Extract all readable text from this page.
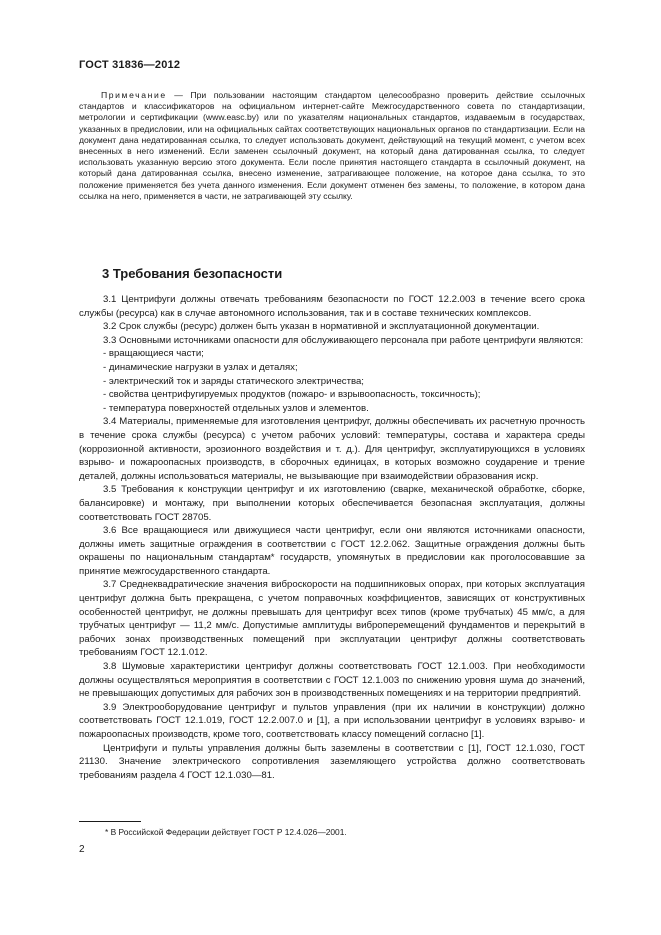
ГОСТ 31836—2012

Примечание — При пользовании настоящим стандартом целесообразно проверить действие ссылочных стандартов и классификаторов на официальном интернет-сайте Межгосударственного совета по стандартизации, метрологии и сертификации (www.easc.by) или по указателям национальных стандартов, издаваемым в государствах, указанных в предисловии, или на официальных сайтах соответствующих национальных органов по стандартизации. Если на документ дана недатированная ссылка, то следует использовать документ, действующий на текущий момент, с учетом всех внесенных в него изменений. Если заменен ссылочный документ, на который дана датированная ссылка, то следует использовать указанную версию этого документа. Если после принятия настоящего стандарта в ссылочный документ, на который дана датированная ссылка, внесено изменение, затрагивающее положение, на которое дана ссылка, то это положение применяется без учета данного изменения. Если документ отменен без замены, то положение, в котором дана ссылка на него, применяется в части, не затрагивающей эту ссылку.

3 Требования безопасности

3.1 Центрифуги должны отвечать требованиям безопасности по ГОСТ 12.2.003 в течение всего срока службы (ресурса) как в случае автономного использования, так и в составе технических комплексов.

3.2 Срок службы (ресурс) должен быть указан в нормативной и эксплуатационной документации.

3.3 Основными источниками опасности для обслуживающего персонала при работе центрифуги являются:

- вращающиеся части;
- динамические нагрузки в узлах и деталях;
- электрический ток и заряды статического электричества;
- свойства центрифугируемых продуктов (пожаро- и взрывоопасность, токсичность);
- температура поверхностей отдельных узлов и элементов.

3.4 Материалы, применяемые для изготовления центрифуг, должны обеспечивать их расчетную прочность в течение срока службы (ресурса) с учетом рабочих условий: температуры, состава и характера среды (коррозионной активности, эрозионного воздействия и т. д.). Для центрифуг, эксплуатирующихся в условиях взрыво- и пожароопасных производств, в сборочных единицах, в которых возможно соударение и трение деталей, должны использоваться материалы, не вызывающие при взаимодействии образования искр.

3.5 Требования к конструкции центрифуг и их изготовлению (сварке, механической обработке, сборке, балансировке) и монтажу, при выполнении которых обеспечивается безопасная эксплуатация, должны соответствовать ГОСТ 28705.

3.6 Все вращающиеся или движущиеся части центрифуг, если они являются источниками опасности, должны иметь защитные ограждения в соответствии с ГОСТ 12.2.062. Защитные ограждения должны быть окрашены по национальным стандартам* государств, упомянутых в предисловии как проголосовавшие за принятие межгосударственного стандарта.

3.7 Среднеквадратические значения виброскорости на подшипниковых опорах, при которых эксплуатация центрифуг должна быть прекращена, с учетом поправочных коэффициентов, зависящих от конструктивных особенностей центрифуг, не должны превышать для центрифуг всех типов (кроме трубчатых) 45 мм/с, а для трубчатых центрифуг — 11,2 мм/с. Допустимые амплитуды виброперемещений фундаментов и перекрытий в рабочих зонах производственных помещений при эксплуатации центрифуг должны соответствовать требованиям ГОСТ 12.1.012.

3.8 Шумовые характеристики центрифуг должны соответствовать ГОСТ 12.1.003. При необходимости должны осуществляться мероприятия в соответствии с ГОСТ 12.1.003 по снижению уровня шума до значений, не превышающих допустимых для рабочих зон в производственных помещениях и на территории предприятий.

3.9 Электрооборудование центрифуг и пультов управления (при их наличии в конструкции) должно соответствовать ГОСТ 12.1.019, ГОСТ 12.2.007.0 и [1], а при использовании центрифуг в условиях взрыво- и пожароопасных производств, кроме того, соответствовать классу помещений согласно [1].

Центрифуги и пульты управления должны быть заземлены в соответствии с [1], ГОСТ 12.1.030, ГОСТ 21130. Значение электрического сопротивления заземляющего устройства должно соответствовать требованиям раздела 4 ГОСТ 12.1.030—81.

* В Российской Федерации действует ГОСТ Р 12.4.026—2001.
2
